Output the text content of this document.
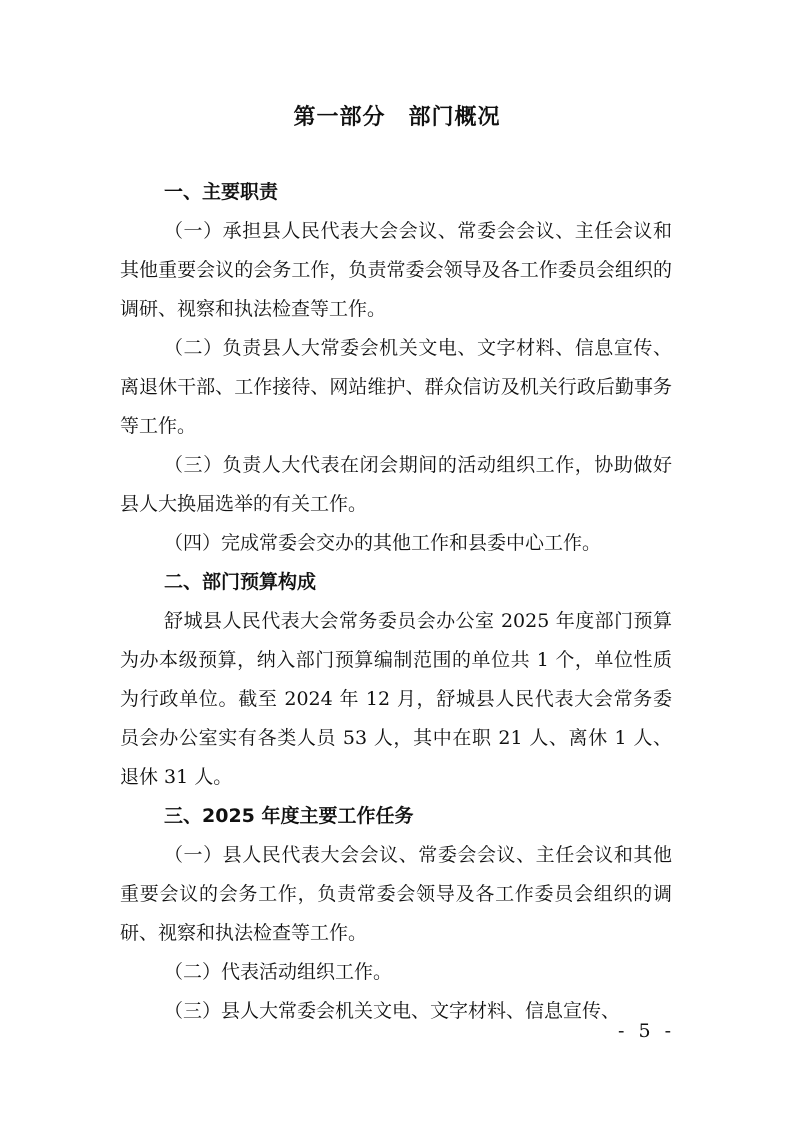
第一部分　部门概况

一、主要职责

（一）承担县人民代表大会会议、常委会会议、主任会议和其他重要会议的会务工作，负责常委会领导及各工作委员会组织的调研、视察和执法检查等工作。

（二）负责县人大常委会机关文电、文字材料、信息宣传、离退休干部、工作接待、网站维护、群众信访及机关行政后勤事务等工作。

（三）负责人大代表在闭会期间的活动组织工作，协助做好县人大换届选举的有关工作。

（四）完成常委会交办的其他工作和县委中心工作。

二、部门预算构成

舒城县人民代表大会常务委员会办公室 2025 年度部门预算为办本级预算，纳入部门预算编制范围的单位共 1 个，单位性质为行政单位。截至 2024 年 12 月，舒城县人民代表大会常务委员会办公室实有各类人员 53 人，其中在职 21 人、离休 1 人、退休 31 人。

三、2025 年度主要工作任务

（一）县人民代表大会会议、常委会会议、主任会议和其他重要会议的会务工作，负责常委会领导及各工作委员会组织的调研、视察和执法检查等工作。

（二）代表活动组织工作。

（三）县人大常委会机关文电、文字材料、信息宣传、

- 5 -
